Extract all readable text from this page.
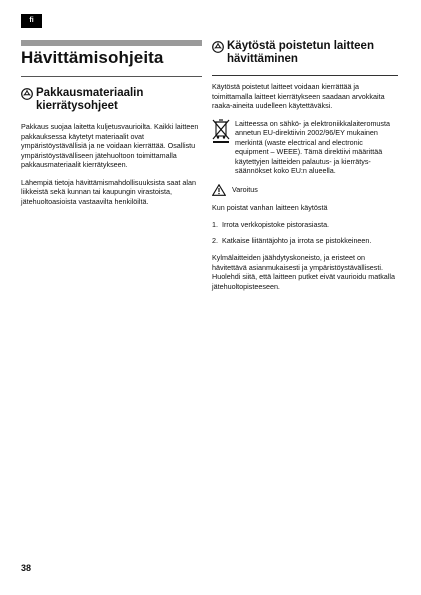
fi
Hävittämisohjeita
Pakkausmateriaalin kierrätysohjeet

Pakkaus suojaa laitetta kuljetusvaurioilta. Kaikki laitteen pakkauksessa käytetyt materiaalit ovat ympäristöystävällisiä ja ne voidaan kierrättää. Osallistu ympäristöystävälliseen jätehuoltoon toimittamalla pakkausmateriaalit kierrätykseen.

Lähempiä tietoja hävittämismahdollisuuksista saat alan liikkeistä sekä kunnan tai kaupungin virastoista, jätehuoltoasioista vastaavilta henkilöiltä.

Käytöstä poistetun laitteen hävittäminen

Käytöstä poistetut laitteet voidaan kierrättää ja toimittamalla laitteet kierrätykseen saadaan arvokkaita raaka-aineita uudelleen käytettäväksi.

Laitteessa on sähkö- ja elektroniikkalaiteromusta annetun EU-direktiivin 2002/96/EY mukainen merkintä (waste electrical and electronic equipment – WEEE). Tämä direktiivi määrittää käytettyjen laitteiden palautus- ja kierrätys-säännökset koko EU:n alueella.
Varoitus

Kun poistat vanhan laitteen käytöstä

1. Irrota verkkopistoke pistorasiasta.
2. Katkaise liitäntäjohto ja irrota se pistokkeineen.

Kylmälaitteiden jäähdytyskoneisto, ja eristeet on hävitettävä asianmukaisesti ja ympäristöystävällisesti. Huolehdi siitä, että laitteen putket eivät vaurioidu matkalla jätehuoltopisteeseen.

38
